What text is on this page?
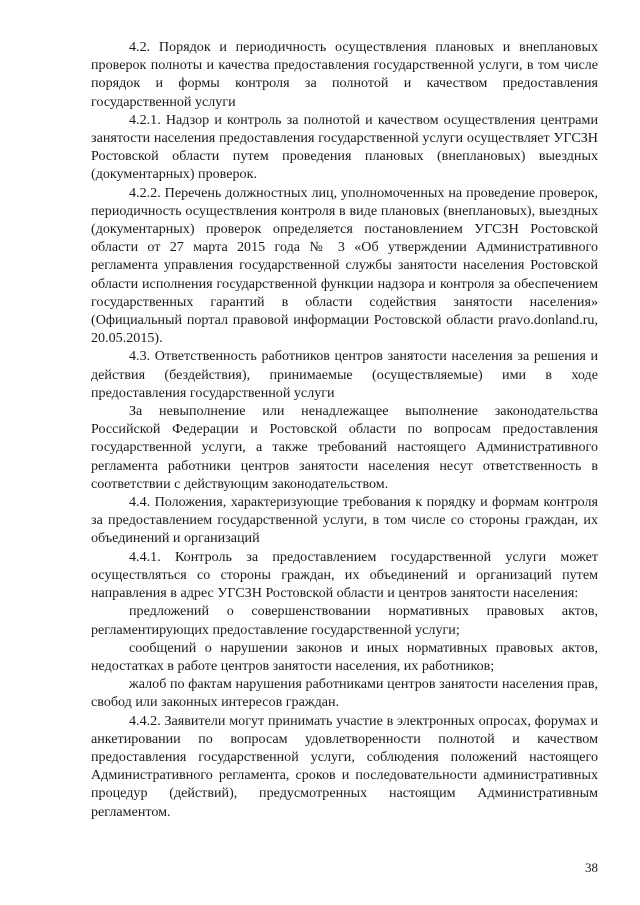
4.2. Порядок и периодичность осуществления плановых и внеплановых проверок полноты и качества предоставления государственной услуги, в том числе порядок и формы контроля за полнотой и качеством предоставления государственной услуги

4.2.1. Надзор и контроль за полнотой и качеством осуществления центрами занятости населения предоставления государственной услуги осуществляет УГСЗН Ростовской области путем проведения плановых (внеплановых) выездных (документарных) проверок.

4.2.2. Перечень должностных лиц, уполномоченных на проведение проверок, периодичность осуществления контроля в виде плановых (внеплановых), выездных (документарных) проверок определяется постановлением УГСЗН Ростовской области от 27 марта 2015 года № 3 «Об утверждении Административного регламента управления государственной службы занятости населения Ростовской области исполнения государственной функции надзора и контроля за обеспечением государственных гарантий в области содействия занятости населения» (Официальный портал правовой информации Ростовской области pravo.donland.ru, 20.05.2015).

4.3. Ответственность работников центров занятости населения за решения и действия (бездействия), принимаемые (осуществляемые) ими в ходе предоставления государственной услуги

За невыполнение или ненадлежащее выполнение законодательства Российской Федерации и Ростовской области по вопросам предоставления государственной услуги, а также требований настоящего Административного регламента работники центров занятости населения несут ответственность в соответствии с действующим законодательством.

4.4. Положения, характеризующие требования к порядку и формам контроля за предоставлением государственной услуги, в том числе со стороны граждан, их объединений и организаций

4.4.1. Контроль за предоставлением государственной услуги может осуществляться со стороны граждан, их объединений и организаций путем направления в адрес УГСЗН Ростовской области и центров занятости населения:

предложений о совершенствовании нормативных правовых актов, регламентирующих предоставление государственной услуги;

сообщений о нарушении законов и иных нормативных правовых актов, недостатках в работе центров занятости населения, их работников;

жалоб по фактам нарушения работниками центров занятости населения прав, свобод или законных интересов граждан.

4.4.2. Заявители могут принимать участие в электронных опросах, форумах и анкетировании по вопросам удовлетворенности полнотой и качеством предоставления государственной услуги, соблюдения положений настоящего Административного регламента, сроков и последовательности административных процедур (действий), предусмотренных настоящим Административным регламентом.

38
